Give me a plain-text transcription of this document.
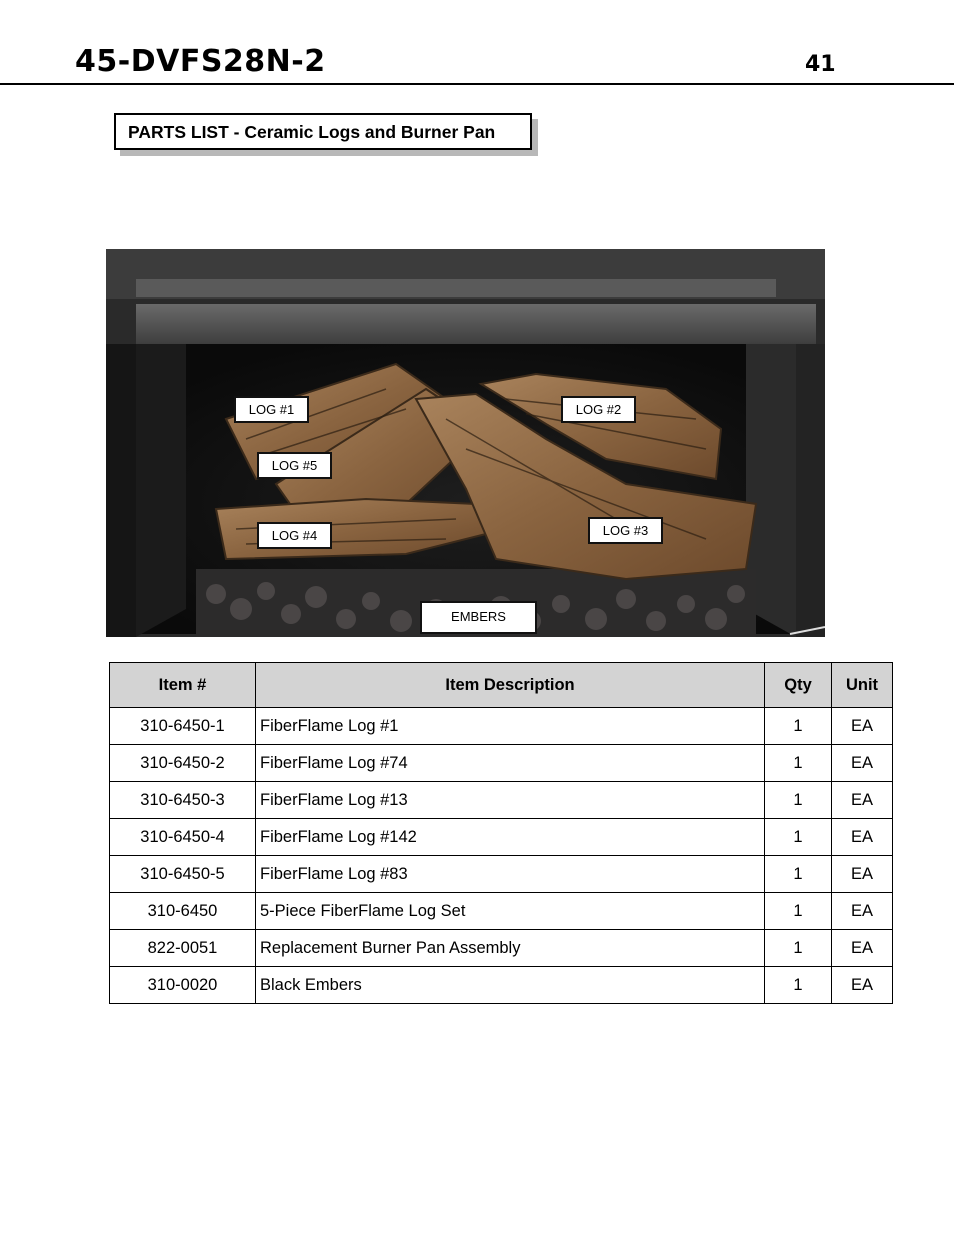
45-DVFS28N-2	41
PARTS LIST - Ceramic Logs and Burner Pan
LOG #1	LOG #2
LOG #5
LOG #4	LOG #3
EMBERS
Item #	Item Description	Qty	Unit
310-6450-1	FiberFlame Log #1	1	EA
310-6450-2	FiberFlame Log #74	1	EA
310-6450-3	FiberFlame Log #13	1	EA
310-6450-4	FiberFlame Log #142	1	EA
310-6450-5	FiberFlame Log #83	1	EA
310-6450	5-Piece FiberFlame Log Set	1	EA
822-0051	Replacement Burner Pan Assembly	1	EA
310-0020	Black Embers	1	EA
